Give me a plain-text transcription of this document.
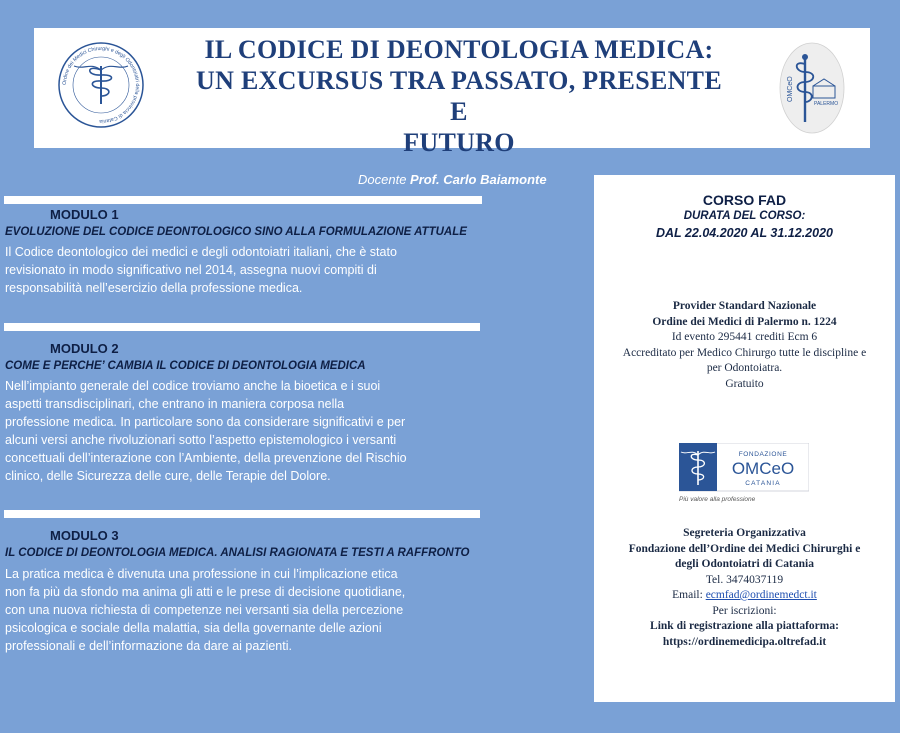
Ordine dei Medici Chirurghi e degli Odontoiatri della provincia di Catania
IL CODICE DI DEONTOLOGIA MEDICA:
UN EXCURSUS TRA PASSATO, PRESENTE E
FUTURO
OMCeO
PALERMO
Docente Prof. Carlo Baiamonte
MODULO 1
EVOLUZIONE DEL CODICE DEONTOLOGICO SINO ALLA FORMULAZIONE ATTUALE
Il Codice deontologico dei medici e degli odontoiatri italiani, che è stato
revisionato in modo significativo nel 2014, assegna nuovi compiti di
responsabilità nell’esercizio della professione medica.
MODULO 2
COME E PERCHE’ CAMBIA IL CODICE DI DEONTOLOGIA MEDICA
Nell’impianto generale del codice troviamo anche la bioetica e i suoi
aspetti transdisciplinari, che entrano in maniera corposa nella
professione medica. In particolare sono da considerare significativi e per
alcuni versi anche rivoluzionari sotto l’aspetto epistemologico i versanti
concettuali dell’interazione con l’Ambiente, della prevenzione del Rischio
clinico, delle Sicurezza delle cure, delle Terapie del Dolore.
MODULO 3
IL CODICE DI DEONTOLOGIA MEDICA. ANALISI RAGIONATA E TESTI A RAFFRONTO
La pratica medica è divenuta una professione in cui l’implicazione etica
non fa più da sfondo ma anima gli atti e le prese di decisione quotidiane,
con una nuova richiesta di competenze nei versanti sia della percezione
psicologica e sociale della malattia, sia della governante delle azioni
professionali e dell’informazione da dare ai pazienti.
CORSO FAD
DURATA DEL CORSO:
DAL 22.04.2020 AL 31.12.2020
Provider Standard Nazionale
Ordine dei Medici di Palermo n. 1224
Id evento 295441 crediti Ecm 6
Accreditato per Medico Chirurgo tutte le discipline e
per Odontoiatra.
Gratuito
FONDAZIONE
OMCeO
CATANIA
Più valore alla professione
Segreteria Organizzativa
Fondazione dell’Ordine dei Medici Chirurghi e
degli Odontoiatri di Catania
Tel. 3474037119
Email: ecmfad@ordinemedct.it
Per iscrizioni:
Link di registrazione alla piattaforma:
https://ordinemedicipa.oltrefad.it
